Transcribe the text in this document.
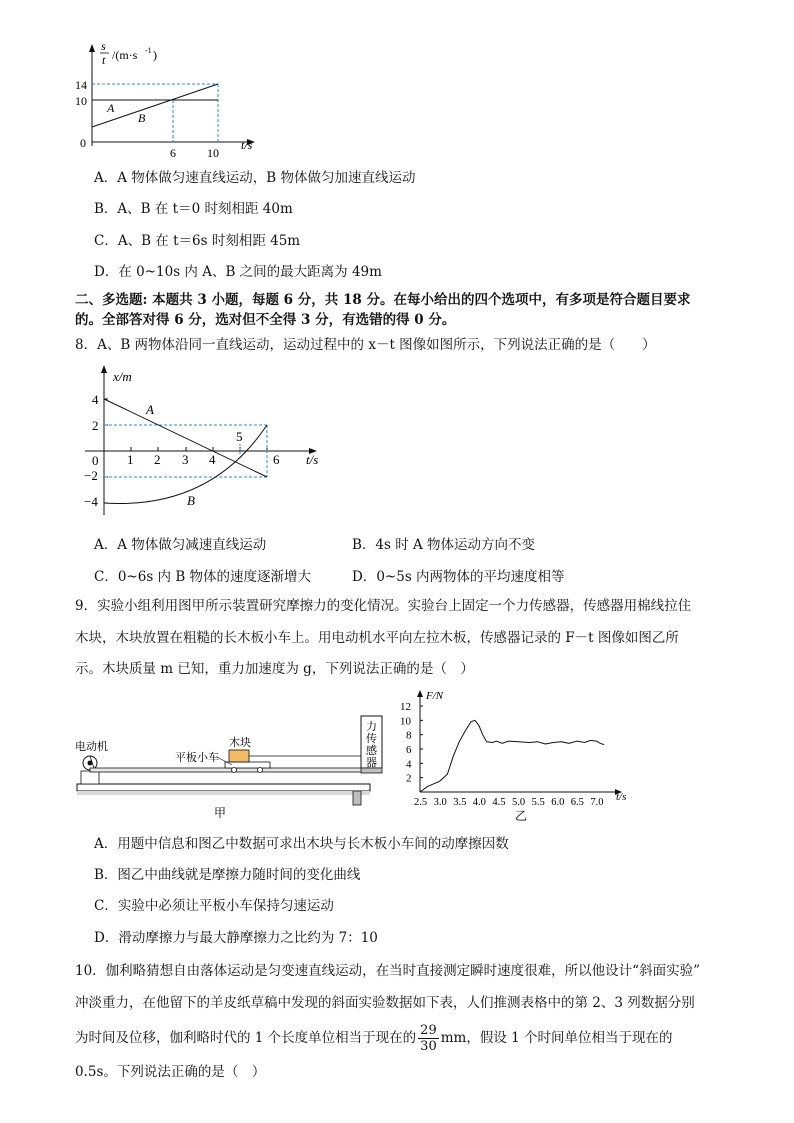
s
t /(m·s -1 )
14
10
0
6	10
t/s
A
B
A．A 物体做匀速直线运动，B 物体做匀加速直线运动
B．A、B 在 t＝0 时刻相距 40m
C．A、B 在 t＝6s 时刻相距 45m
D．在 0~10s 内 A、B 之间的最大距离为 49m
二、多选题: 本题共 3 小题，每题 6 分，共 18 分。在每小给出的四个选项中，有多项是符合题目要求
的。全部答对得 6 分，选对但不全得 3 分，有选错的得 0 分。
8．A、B 两物体沿同一直线运动，运动过程中的 x－t 图像如图所示，下列说法正确的是（　　）
x/m
t/s
4
2
0
−2
−4
1 2 3 4
5
6
A
B
A．A 物体做匀减速直线运动	B．4s 时 A 物体运动方向不变
C．0~6s 内 B 物体的速度逐渐增大	D．0~5s 内两物体的平均速度相等
9．实验小组利用图甲所示装置研究摩擦力的变化情况。实验台上固定一个力传感器，传感器用棉线拉住
木块，木块放置在粗糙的长木板小车上。用电动机水平向左拉木板，传感器记录的 F－t 图像如图乙所
示。木块质量 m 已知，重力加速度为 g，下列说法正确的是（　）
电动机
平板小车
木块
力
传
感
器
甲
F/N
t/s
12
10
8
6
4
2
2.5 3.0 3.5 4.0 4.5 5.0 5.5 6.0 6.5 7.0
乙
A．用题中信息和图乙中数据可求出木块与长木板小车间的动摩擦因数
B．图乙中曲线就是摩擦力随时间的变化曲线
C．实验中必须让平板小车保持匀速运动
D．滑动摩擦力与最大静摩擦力之比约为 7：10
10．伽利略猜想自由落体运动是匀变速直线运动，在当时直接测定瞬时速度很难，所以他设计“斜面实验”
冲淡重力，在他留下的羊皮纸草稿中发现的斜面实验数据如下表，人们推测表格中的第 2、3 列数据分别
为时间及位移，伽利略时代的 1 个长度单位相当于现在的 $\frac{29}{30}$ mm，假设 1 个时间单位相当于现在的
0.5s。下列说法正确的是（　）
